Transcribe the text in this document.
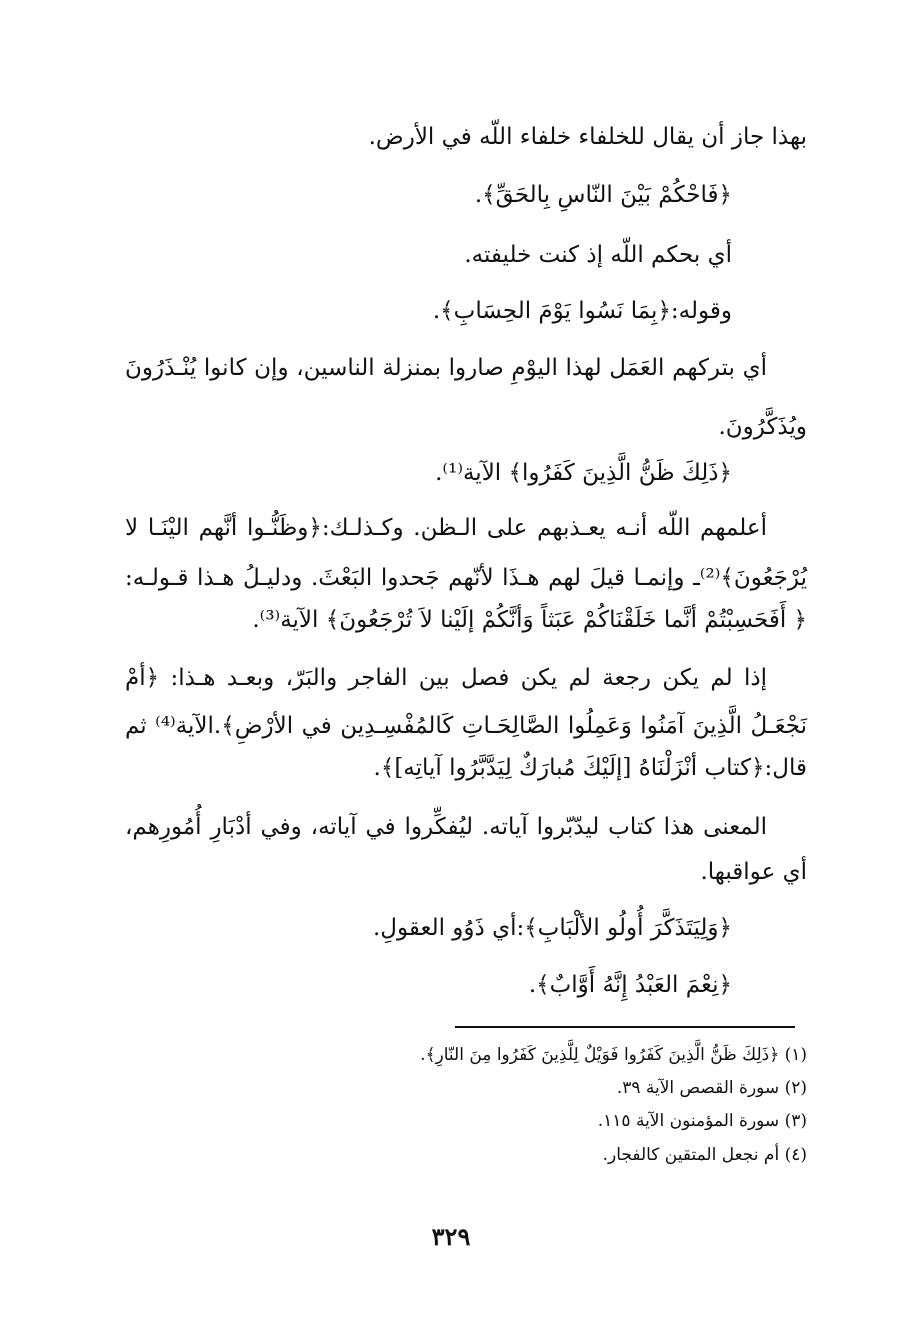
بهذا جاز أن يقال للخلفاء خلفاء اللّه في الأرض.
﴿فَاحْكُمْ بَيْنَ النّاسِ بِالحَقِّ﴾.
أي بحكم اللّه إذ كنت خليفته.
وقوله:﴿بِمَا نَسُوا يَوْمَ الحِسَابِ﴾.
أي بتركهم العَمَل لهذا اليوْمِ صاروا بمنزلة الناسين، وإن كانوا يُنْـذَرُونَ
ويُذَكَّرُونَ.
﴿ذَلِكَ ظَنُّ الَّذِينَ كَفَرُوا﴾ الآية⁽¹⁾.
أعلمهم اللّه أنـه يعـذبهم على الـظن. وكـذلـك:﴿وظَنُّـوا أنَّهم اليْنَـا لا
يُرْجَعُونَ﴾⁽²⁾ـ وإنمـا قيلَ لهم هـذَا لأنّهم جَحدوا البَعْثَ. ودليـلُ هـذا قـولـه:
﴿ أَفَحَسِبْتُمْ أنَّما خَلَقْنَاكُمْ عَبَثاً وَأنَّكُمْ إلَيْنا لاَ تُرْجَعُونَ﴾ الآية⁽³⁾.
إذا لم يكن رجعة لم يكن فصل بين الفاجر والبَرّ، وبعـد هـذا: ﴿أمْ
نَجْعَـلُ الَّذِينَ آمَنُوا وَعَمِلُوا الصَّالِحَـاتِ كَالمُفْسِـدِين في الأرْضِ﴾.الآية⁽⁴⁾ ثم
قال:﴿كتاب أنْزَلْنَاهُ [إلَيْكَ مُبارَكٌ لِيَدَّبَّرُوا آياتِه]﴾.
المعنى هذا كتاب ليدّبّروا آياته. ليُفكِّروا في آياته، وفي أدْبَارِ أُمُورِهم،
أي عواقبها.
﴿وَلِيَتَذَكَّرَ أُولُو الألْبَابِ﴾:أي ذَوُو العقولِ.
﴿نِعْمَ العَبْدُ إِنَّهُ أَوَّابٌ﴾.
(١) ﴿ذَلِكَ ظَنُّ الَّذِينَ كَفَرُوا فَوَيْلٌ لِلَّذِينَ كَفَرُوا مِنَ النّارِ﴾.
(٢) سورة القصص الآية ٣٩.
(٣) سورة المؤمنون الآية ١١٥.
(٤) أم نجعل المتقين كالفجار.
٣٢٩
